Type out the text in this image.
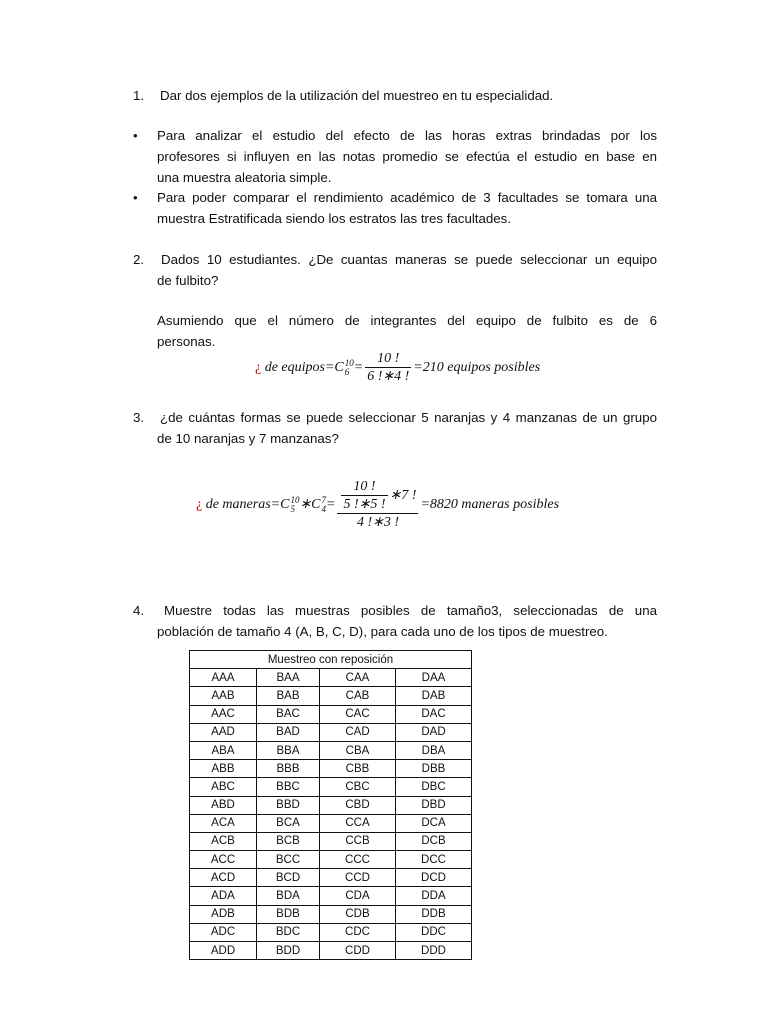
1. Dar dos ejemplos de la utilización del muestreo en tu especialidad.
• Para analizar el estudio del efecto de las horas extras brindadas por los
profesores si influyen en las notas promedio se efectúa el estudio en base en
una muestra aleatoria simple.
• Para poder comparar el rendimiento académico de 3 facultades se tomara una
muestra Estratificada siendo los estratos las tres facultades.
2. Dados 10 estudiantes. ¿De cuantas maneras se puede seleccionar un equipo
de fulbito?
Asumiendo que el número de integrantes del equipo de fulbito es de 6
personas.
¿ de equipos=C 10
$6 = \frac{10 !}{6 !∗4 !} =210$ equipos posibles
3. ¿de cuántas formas se puede seleccionar 5 naranjas y 4 manzanas de un grupo
de 10 naranjas y 7 manzanas?
¿ de maneras=C 10
5 ∗C 7
$4 = \frac{\frac{10 !}{5 !∗5 !} ∗7 !}{4 !∗3 !} =8820$ maneras posibles
4. Muestre todas las muestras posibles de tamaño3, seleccionadas de una
población de tamaño 4 (A, B, C, D), para cada uno de los tipos de muestreo.
Muestreo con reposición			
AAA	BAA	CAA	DAA
AAB	BAB	CAB	DAB
AAC	BAC	CAC	DAC
AAD	BAD	CAD	DAD
ABA	BBA	CBA	DBA
ABB	BBB	CBB	DBB
ABC	BBC	CBC	DBC
ABD	BBD	CBD	DBD
ACA	BCA	CCA	DCA
ACB	BCB	CCB	DCB
ACC	BCC	CCC	DCC
ACD	BCD	CCD	DCD
ADA	BDA	CDA	DDA
ADB	BDB	CDB	DDB
ADC	BDC	CDC	DDC
ADD	BDD	CDD	DDD
